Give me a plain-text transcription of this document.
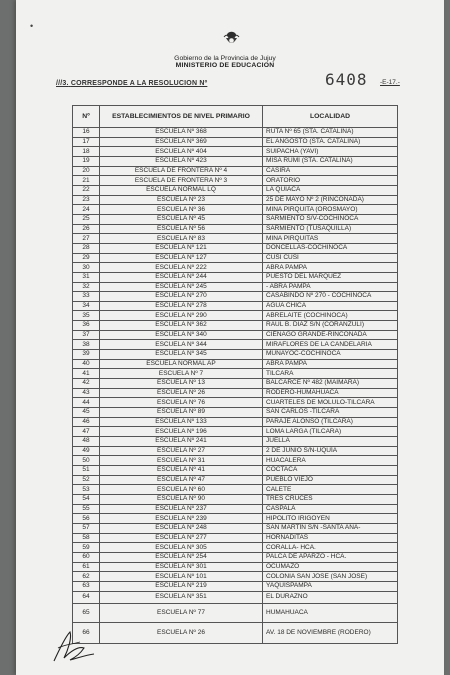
•
Gobierno de la Provincia de Jujuy
MINISTERIO DE EDUCACION
///3. CORRESPONDE A LA RESOLUCION Nº	6408 -E-17.-
Nº	ESTABLECIMIENTOS DE NIVEL PRIMARIO	LOCALIDAD
16	ESCUELA Nº 368	RUTA Nº 65 (STA. CATALINA)
17	ESCUELA Nº 369	EL ANGOSTO (STA. CATALINA)
18	ESCUELA Nº 404	SUIPACHA (YAVI)
19	ESCUELA Nº 423	MISA RUMI (STA. CATALINA)
20	ESCUELA DE FRONTERA Nº 4	CASIRA
21	ESCUELA DE FRONTERA Nº 3	ORATORIO
22	ESCUELA NORMAL LQ	LA QUIACA
23	ESCUELA Nº 23	25 DE MAYO Nº 2 (RINCONADA)
24	ESCUELA Nº 36	MINA PIRQUITA (OROSMAYO)
25	ESCUELA Nº 45	SARMIENTO S/V-COCHINOCA
26	ESCUELA Nº 56	SARMIENTO (TUSAQUILLA)
27	ESCUELA Nº 83	MINA PIRQUITAS
28	ESCUELA Nº 121	DONCELLAS-COCHINOCA
29	ESCUELA Nº 127	CUSI CUSI
30	ESCUELA Nº 222	ABRA PAMPA
31	ESCUELA Nº 244	PUESTO DEL MARQUEZ
32	ESCUELA Nº 245	- ABRA PAMPA
33	ESCUELA Nº 270	CASABINDO Nº 270 - COCHINOCA
34	ESCUELA Nº 278	AGUA CHICA
35	ESCUELA Nº 290	ABRELAITE (COCHINOCA)
36	ESCUELA Nº 362	RAUL B. DIAZ S/N (CORANZULI)
37	ESCUELA Nº 340	CIÉNAGO GRANDE-RINCONADA
38	ESCUELA Nº 344	MIRAFLORES DE LA CANDELARIA
39	ESCUELA Nº 345	MUÑAYOC-COCHINOCA
40	ESCUELA NORMAL AP	ABRA PAMPA
41	ESCUELA Nº 7	TILCARA
42	ESCUELA Nº 13	BALCARCE Nº 482 (MAIMARA)
43	ESCUELA Nº 26	RODERO-HUMAHUACA
44	ESCUELA Nº 76	CUARTELES DE MOLULO-TILCARA
45	ESCUELA Nº 89	SAN CARLOS -TILCARA
46	ESCUELA Nº 133	PARAJE ALONSO (TILCARA)
47	ESCUELA Nº 196	LOMA LARGA (TILCARA)
48	ESCUELA Nº 241	JUELLA
49	ESCUELA Nº 27	2 DE JUNIO S/N-UQUÍA
50	ESCUELA Nº 31	HUACALERA
51	ESCUELA Nº 41	COCTACA
52	ESCUELA Nº 47	PUEBLO VIEJO
53	ESCUELA Nº 60	CALETE
54	ESCUELA Nº 90	TRES CRUCES
55	ESCUELA Nº 237	CASPALÁ
56	ESCUELA Nº 239	HIPOLITO IRIGOYEN
57	ESCUELA Nº 248	SAN MARTÍN S/N -SANTA ANA-
58	ESCUELA Nº 277	HORNADITAS
59	ESCUELA Nº 305	CORALLA- HCA.
60	ESCUELA Nº 254	PALCA DE APARZO - HCA.
61	ESCUELA Nº 301	OCUMAZO
62	ESCUELA Nº 101	COLONIA SAN JOSE (SAN JOSE)
63	ESCUELA Nº 219	YAQUISPAMPA
64	ESCUELA Nº 351	EL DURAZNO
65	ESCUELA Nº 77	HUMAHUACA
66	ESCUELA Nº 26	AV. 18 DE NOVIEMBRE (RODERO)
